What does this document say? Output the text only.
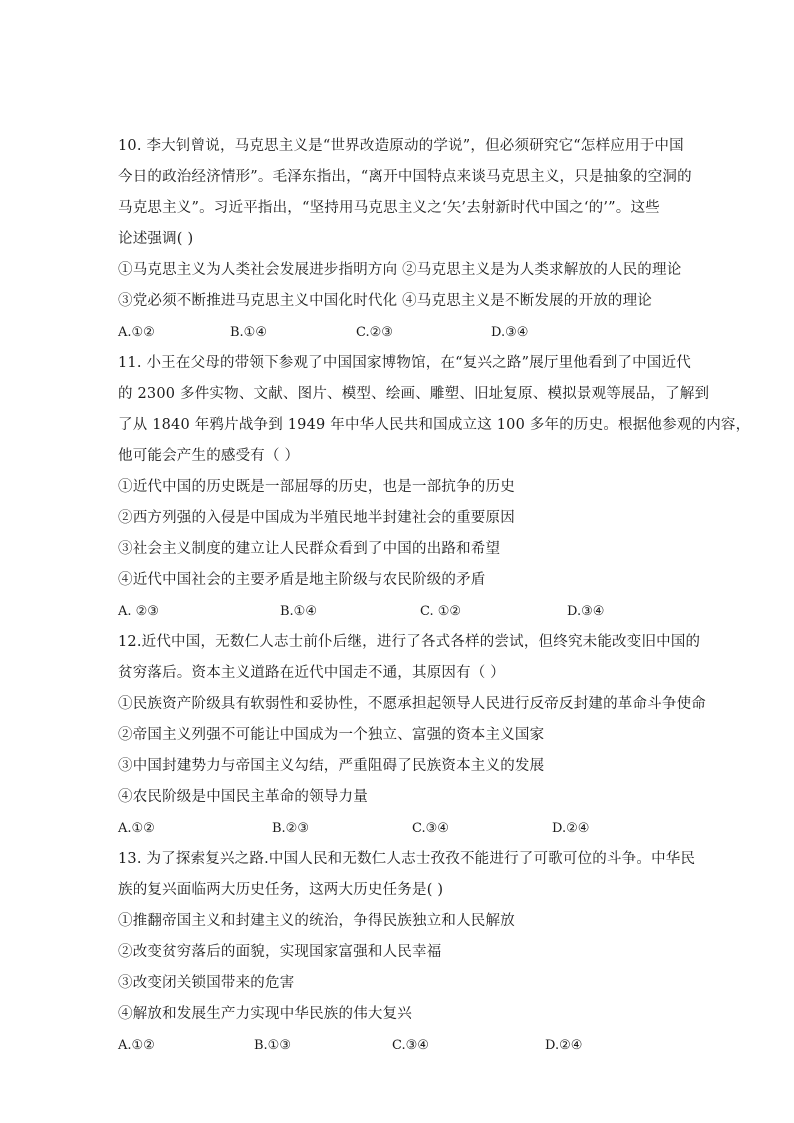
10. 李大钊曾说，马克思主义是“世界改造原动的学说”，但必须研究它“怎样应用于中国
今日的政治经济情形”。毛泽东指出，“离开中国特点来谈马克思主义，只是抽象的空洞的
马克思主义”。习近平指出，“坚持用马克思主义之‘矢’去射新时代中国之‘的’”。这些
论述强调( )
①马克思主义为人类社会发展进步指明方向 ②马克思主义是为人类求解放的人民的理论
③党必须不断推进马克思主义中国化时代化 ④马克思主义是不断发展的开放的理论
A.①②	B.①④	C.②③	D.③④
11. 小王在父母的带领下参观了中国国家博物馆，在“复兴之路”展厅里他看到了中国近代
的 2300 多件实物、文献、图片、模型、绘画、雕塑、旧址复原、模拟景观等展品，了解到
了从 1840 年鸦片战争到 1949 年中华人民共和国成立这 100 多年的历史。根据他参观的内容，
他可能会产生的感受有（ ）
①近代中国的历史既是一部屈辱的历史，也是一部抗争的历史
②西方列强的入侵是中国成为半殖民地半封建社会的重要原因
③社会主义制度的建立让人民群众看到了中国的出路和希望
④近代中国社会的主要矛盾是地主阶级与农民阶级的矛盾
A. ②③	B.①④	C. ①②	D.③④
12.近代中国，无数仁人志士前仆后继，进行了各式各样的尝试，但终究未能改变旧中国的
贫穷落后。资本主义道路在近代中国走不通，其原因有（ ）
①民族资产阶级具有软弱性和妥协性，不愿承担起领导人民进行反帝反封建的革命斗争使命
②帝国主义列强不可能让中国成为一个独立、富强的资本主义国家
③中国封建势力与帝国主义勾结，严重阻碍了民族资本主义的发展
④农民阶级是中国民主革命的领导力量
A.①②	B.②③	C.③④	D.②④
13. 为了探索复兴之路.中国人民和无数仁人志士孜孜不能进行了可歌可位的斗争。中华民
族的复兴面临两大历史任务，这两大历史任务是( )
①推翻帝国主义和封建主义的统治，争得民族独立和人民解放
②改变贫穷落后的面貌，实现国家富强和人民幸福
③改变闭关锁国带来的危害
④解放和发展生产力实现中华民族的伟大复兴
A.①②	B.①③	C.③④	D.②④
